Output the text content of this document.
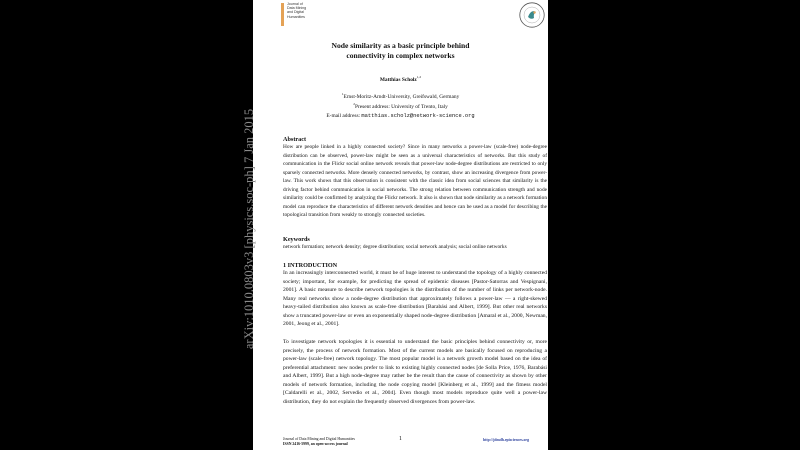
Journal of
Data Mining
and Digital
Humanities
Node similarity as a basic principle behind
connectivity in complex networks
Matthias Scholz$^{1,2}$
$^1$Ernst-Moritz-Arndt-University, Greifswald, Germany
$^2$Present address: University of Trento, Italy
E-mail address: matthias.scholz@network-science.org
Abstract
How are people linked in a highly connected society? Since in many networks a power-law (scale-free) node-degree distribution can be observed, power-law might be seen as a universal characteristics of networks. But this study of communication in the Flickr social online network reveals that power-law node-degree distributions are restricted to only sparsely connected networks. More densely connected networks, by contrast, show an increasing divergence from power-law. This work shows that this observation is consistent with the classic idea from social sciences that similarity is the driving factor behind communication in social networks. The strong relation between communication strength and node similarity could be confirmed by analyzing the Flickr network. It also is shown that node similarity as a network formation model can reproduce the characteristics of different network densities and hence can be used as a model for describing the topological transition from weakly to strongly connected societies.
Keywords
network formation; network density; degree distribution; social network analysis; social online networks
1 INTRODUCTION
In an increasingly interconnected world, it must be of huge interest to understand the topology of a highly connected society; important, for example, for predicting the spread of epidemic diseases [Pastor-Satorras and Vespignani, 2001]. A basic measure to describe network topologies is the distribution of the number of links per network-node. Many real networks show a node-degree distribution that approximately follows a power-law — a right-skewed heavy-tailed distribution also known as scale-free distribution [Barabási and Albert, 1999]. But other real networks show a truncated power-law or even an exponentially shaped node-degree distribution [Amaral et al., 2000, Newman, 2001, Jeong et al., 2001].
To investigate network topologies it is essential to understand the basic principles behind connectivity or, more precisely, the process of network formation. Most of the current models are basically focused on reproducing a power-law (scale-free) network topology. The most popular model is a network growth model based on the idea of preferential attachment: new nodes prefer to link to existing highly connected nodes [de Solla Price, 1976, Barabási and Albert, 1999]. But a high node-degree may rather be the result than the cause of connectivity as shown by other models of network formation, including the node copying model [Kleinberg et al., 1999] and the fitness model [Caldarelli et al., 2002, Servedio et al., 2004]. Even though most models reproduce quite well a power-law distribution, they do not explain the frequently observed divergences from power-law.
Journal of Data Mining and Digital Humanities
ISSN 2416-5999, an open-access journal
1	http://jdmdh.episciences.org
arXiv:1010.0803v3 [physics.soc-ph] 7 Jan 2015
